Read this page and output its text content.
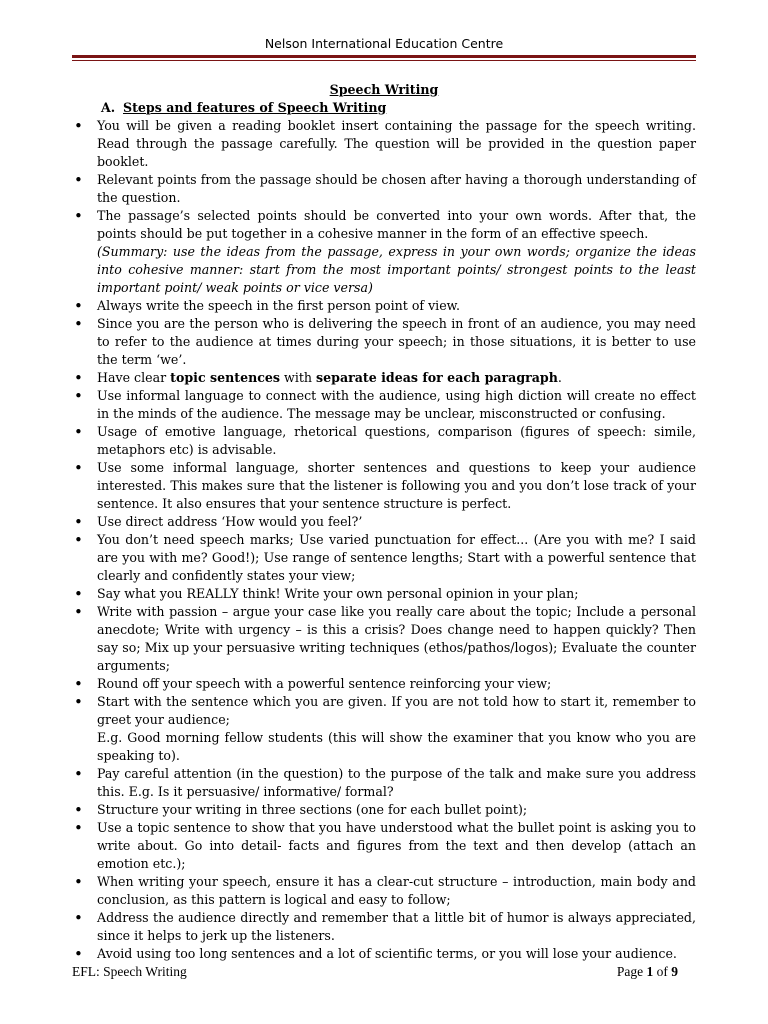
Nelson International Education Centre
Speech Writing
A. Steps and features of Speech Writing
• You will be given a reading booklet insert containing the passage for the speech writing. Read through the passage carefully. The question will be provided in the question paper booklet.
• Relevant points from the passage should be chosen after having a thorough understanding of the question.
• The passage’s selected points should be converted into your own words. After that, the points should be put together in a cohesive manner in the form of an effective speech.
(Summary: use the ideas from the passage, express in your own words; organize the ideas into cohesive manner: start from the most important points/ strongest points to the least important point/ weak points or vice versa)
• Always write the speech in the first person point of view.
• Since you are the person who is delivering the speech in front of an audience, you may need to refer to the audience at times during your speech; in those situations, it is better to use the term ‘we’.
• Have clear topic sentences with separate ideas for each paragraph.
• Use informal language to connect with the audience, using high diction will create no effect in the minds of the audience. The message may be unclear, misconstructed or confusing.
• Usage of emotive language, rhetorical questions, comparison (figures of speech: simile, metaphors etc) is advisable.
• Use some informal language, shorter sentences and questions to keep your audience interested. This makes sure that the listener is following you and you don’t lose track of your sentence. It also ensures that your sentence structure is perfect.
• Use direct address ‘How would you feel?’
• You don’t need speech marks; Use varied punctuation for effect... (Are you with me? I said are you with me? Good!); Use range of sentence lengths; Start with a powerful sentence that clearly and confidently states your view;
• Say what you REALLY think! Write your own personal opinion in your plan;
• Write with passion – argue your case like you really care about the topic; Include a personal anecdote; Write with urgency – is this a crisis? Does change need to happen quickly? Then say so; Mix up your persuasive writing techniques (ethos/pathos/logos); Evaluate the counter arguments;
• Round off your speech with a powerful sentence reinforcing your view;
• Start with the sentence which you are given. If you are not told how to start it, remember to greet your audience;
E.g. Good morning fellow students (this will show the examiner that you know who you are speaking to).
• Pay careful attention (in the question) to the purpose of the talk and make sure you address this. E.g. Is it persuasive/ informative/ formal?
• Structure your writing in three sections (one for each bullet point);
• Use a topic sentence to show that you have understood what the bullet point is asking you to write about. Go into detail- facts and figures from the text and then develop (attach an emotion etc.);
• When writing your speech, ensure it has a clear-cut structure – introduction, main body and conclusion, as this pattern is logical and easy to follow;
• Address the audience directly and remember that a little bit of humor is always appreciated, since it helps to jerk up the listeners.
• Avoid using too long sentences and a lot of scientific terms, or you will lose your audience.
EFL: Speech Writing	Page 1 of 9
